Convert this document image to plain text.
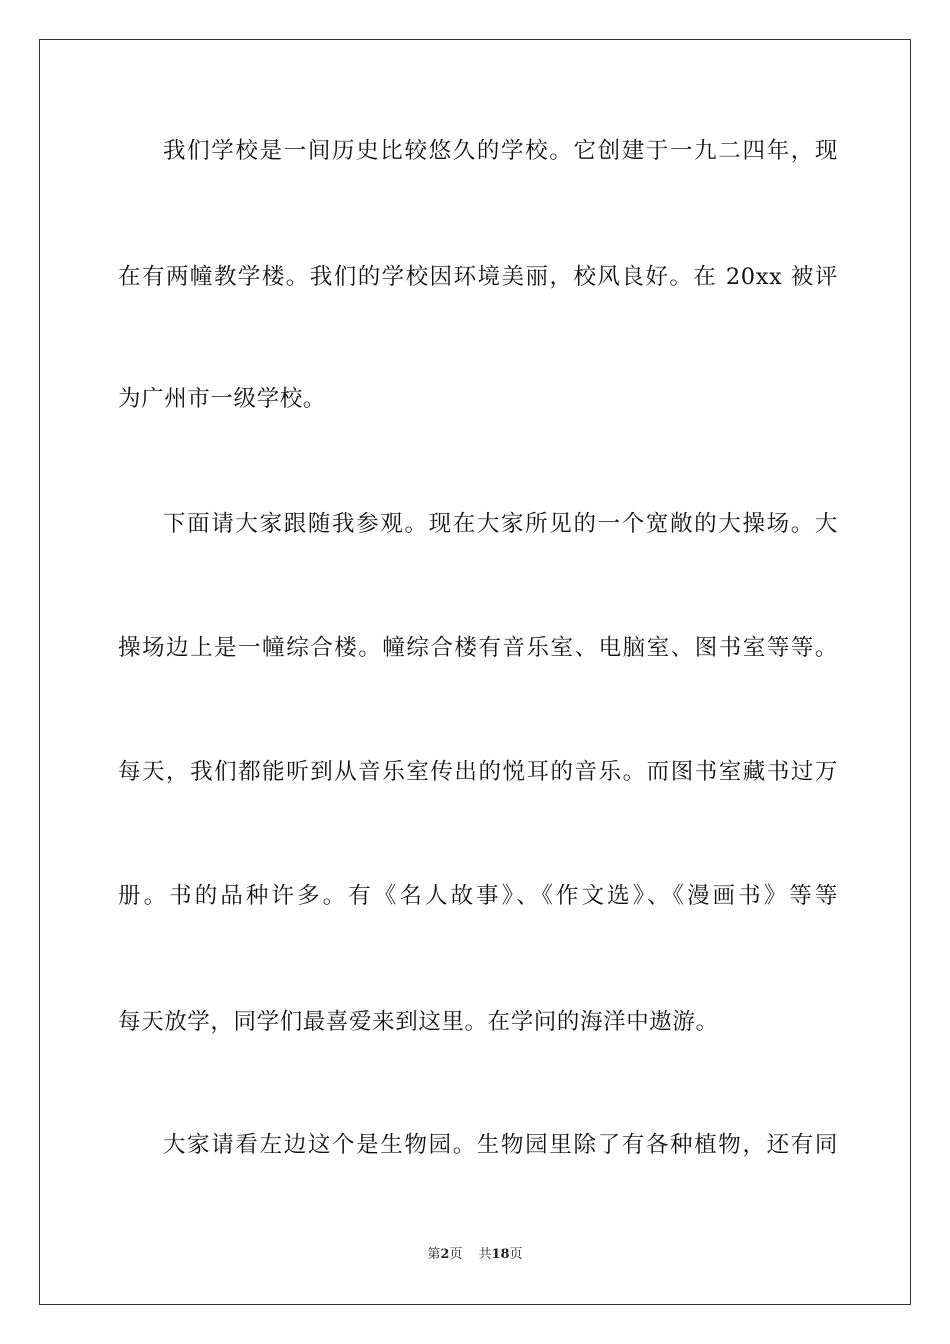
我们学校是一间历史比较悠久的学校。它创建于一九二四年，现
在有两幢教学楼。我们的学校因环境美丽，校风良好。在 20xx 被评
为广州市一级学校。
下面请大家跟随我参观。现在大家所见的一个宽敞的大操场。大
操场边上是一幢综合楼。幢综合楼有音乐室、电脑室、图书室等等。
每天，我们都能听到从音乐室传出的悦耳的音乐。而图书室藏书过万
册。书的品种许多。有《名人故事》、《作文选》、《漫画书》等等
每天放学，同学们最喜爱来到这里。在学问的海洋中遨游。
大家请看左边这个是生物园。生物园里除了有各种植物，还有同
第2页 共18页
